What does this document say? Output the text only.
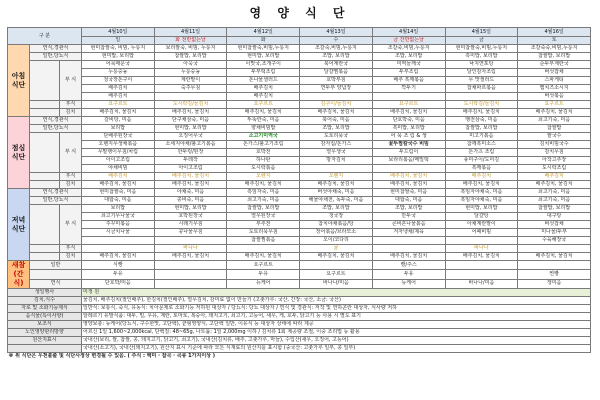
영 양 식 단
구 분			4월10일	4월11일	4월12일	4월13일	4월14일	4월15일	4월16일
			일	화 전란없는날	화	수	금 잔반없는날	금	토
아침 식단	연식,경관식		현미찹쌀죽, 비빔, 누룽지	보리쌀죽, 비빔, 누룽지	현미찹쌀죽,비빔,누룽지	조갈죽,비빔,누룽지	조갈죽,비빔,누룽지	현미찹쌀죽,비빔,누룽지	조갈죽죽,비빔,누룽지
	일반,당뇨식		현미밥, 보리밥	찹쌀밥, 보리밥	현미밥, 보리밥	조밥, 보리밥	조밥, 보리밥	흑미밥, 보리밥	찹쌀밥, 보리밥
		부 식	어묵매운국	아욱국	이맛국,조개구이	북어계란국	미역들깨국	낙지연포탕	순두부계란국
			누룽숭늉	누룽숭늉	두부떡조림	달걀찜볶음	두부조림	달인감자조림	버섯잡채
			청국장돈구이	계란말이	돈나물샐러드	호박부침	배추 흑깨볶음	무 맛샐러드	스파게티
			배추김치	숙주무침	배추김치	연두부 양념장	깍두기	잡채파르볶음	햄치즈소시지
			배추김치		배추김치				버섯볶음
		후식	요구르트	도시락김/들김치	요구르트	김구이/들김치	요구르트	도시락김/들김치	요구르트
		김치	배추김치, 물김치	배추김치, 물김치	배추김치, 물김치	배추김치, 물김치	배추김치, 물김치	배추김치, 물김치	배추김치, 물김치
점심 식단	연식,경관식		갈비탕, 미음	단구채삼죽, 미음	뚜뚝란죽, 미음	북어죽, 미음	단호박죽, 미음	땡전삼죽, 미음	쇠고기죽, 미음
	일반,당뇨식		보리밥	현미밥, 보리밥	향채비빔밥	조밥, 보리밥	흑미밥, 보리밥	찹쌀밥, 보리밥	찹쌀밥
		부 식	단배추된장국	오징어무국	소고기미역국	도토리묵국	어 묵 조 림 & 생	미고기볶음	쌀국수
			오렌지무생채볶음	소세지야채/불고기볶음	돈가스/불고기조림	감자칩/돈가스	꽃뚜찜칼국수 비빔	참깨흑미소스	김치비빔국수
			무말랭이무침/차림	한두렁/된장	호박전	열무생국	두드림이	돈가츠 조림	감치무침
			아이고조림	두레작	하나판	방자김치	보라리볶음/메밀떡	풍미구이/도미김	아작고추장
			야채비빔	아이고조림	도시락볶음			흑깨볶음	도시락조림
		후식	배추김치	배추김치, 물김치	오렌지	오렌지	배추김치, 물김치	배추김치	배추김치
		김치	배추김치, 물김치	배추김치, 물김치	배추김치, 물김치	배추김치, 물김치	배추김치, 물김치	배추김치, 물김치	배추김치, 물김치
저녁 식단	연식,경관식		현미찹쌀죽, 미음	야채죽, 미음	흑임자죽, 미음	버섯야채죽, 미음	현미찹쌀죽, 미음	흑임자야채죽, 미음	쇠고기죽, 미음
	일반,당뇨식		대합죽, 미음	콩비죽, 미음	쇠고기죽, 미음	해물야채전, 녹두죽, 미음	대합죽, 미음	흑임자야채죽, 미음	쇠고기죽, 미음
		부 식	보리밥	현미밥, 보리밥	찹쌀밥, 보리밥	조밥, 보리밥	조밥, 보리밥	현미밥, 보리밥	찹쌀밥, 보리밥
			쇠고기무나물국	호박된장국	열무된장국	청국장	만두국	달걀탕	대구탕
			주꾸미볶음	시래기무침	부추전	참치야채볶음/탕	콘비흔나물볶음	아채계란말이	버섯잡채
			시금치나물	콩나물무침	도토리묵무침	장어볶음/브라모소	겨자냉채/제육	어패비빔	미나물/두부
					찹쌀찜볶음	오이/코다리			수육해장국
		후식		바나나		귤		바나나	
		김치	배추김치, 물김치	배추김치, 물김치	배추김치, 물김치	배추김치, 물김치	배추김치, 물김치	배추김치, 물김치	배추김치, 물김치
새참 (간식)	일반		식빵		요구르트		빵/주스		
			두유		두유	요구르트	두유		찐빵
	연식		단호박/미음		뉴케어	바나나/미음	뉴케어	바나나/미음	갱미음
생일행사			미정 원						
김치,식수			물김치, 배추김치(절인배추), 한김치(절인배추), 열무김치, 감미료 없이 만들기 (고춧가루: 국산, 간장: 국산, 소금: 국산)						
자로 및 소화기능제식			일반식: 보통식, 죽식, 유동식: 치아문제로 소화기능 저하된 대상자 / 당뇨식: 당뇨 대상자 / 연식 및 경관식: 저작 및 연하곤란 대상자, 식사량 저하						
음식물(특이사항)			알레르기 유발식품: 대두, 밀, 우유, 계란, 토마토, 복숭아, 돼지고기, 쇠고기, 고등어, 새우, 게, 호두, 닭고기 등 사용 시 별도 표기						
보조식			영양보충: 뉴케어(당뇨식, 구수한맛, 고단백), 균형영양식, 고단백 일반, 이유식 등 대상자 상태에 따라 제공						
노인영양관리방향			어르신 1일 1,600~2,000kcal, 단백질: 48~65g, 나트륨: 1일 2,000mg 이하 / 김치류 1회 제공량 조절, 이중 조리법 등 활용						
원산지표시			국내산(보리, 쌀, 찹쌀, 콩, 돼지고기, 닭고기, 쇠고기), 국내산(김치류, 배추, 고춧가루, 마늘), 수입산(새우, 오징어, 고등어)						
			국내산(소고기), 국내산(돼지고기), 원산지 표시 기준에 따라 모든 식재료의 원산지를 표시함 (중국산: 고춧가루 일부, 콩 일부)						
※ 위 식단은 우천불출 및 식단사정상 변경될 수 있음. ( 주식 : 백미 · 잡곡 · 곡류 1가지이상 )									
